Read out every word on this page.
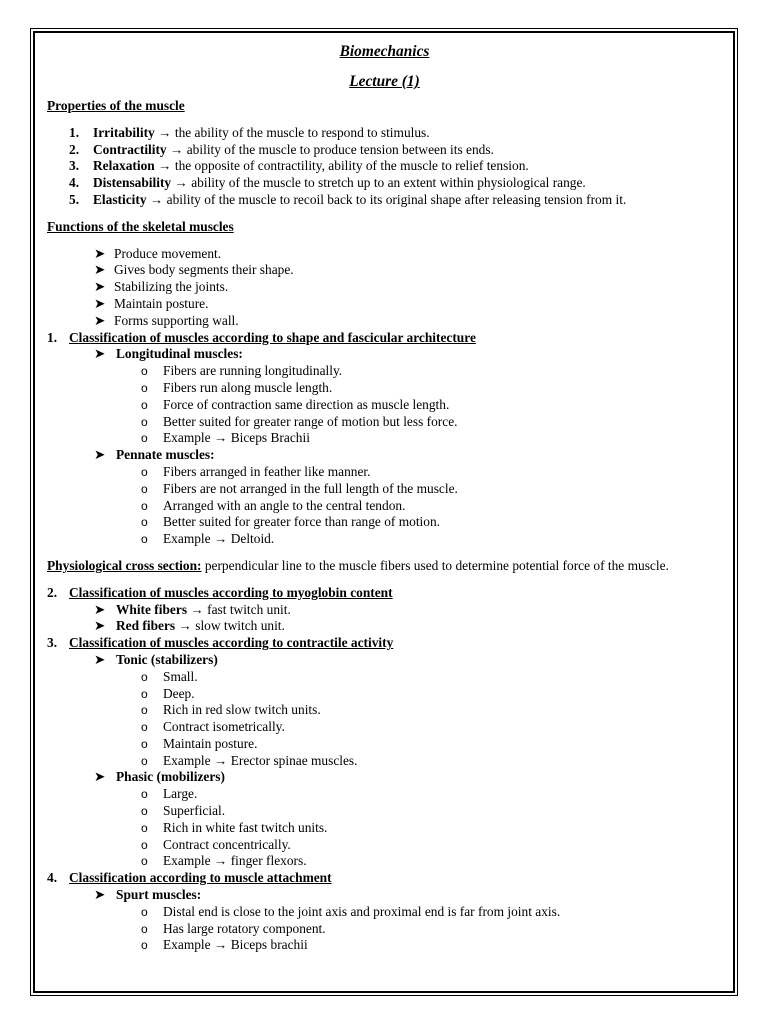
Biomechanics

Lecture (1)

Properties of the muscle
1.	Irritability → the ability of the muscle to respond to stimulus.
2.	Contractility → ability of the muscle to produce tension between its ends.
3.	Relaxation → the opposite of contractility, ability of the muscle to relief tension.
4.	Distensability → ability of the muscle to stretch up to an extent within physiological range.
5.	Elasticity → ability of the muscle to recoil back to its original shape after releasing tension from it.
Functions of the skeletal muscles
➤ Produce movement.
➤ Gives body segments their shape.
➤ Stabilizing the joints.
➤ Maintain posture.
➤ Forms supporting wall.
1. Classification of muscles according to shape and fascicular architecture
➤ Longitudinal muscles:
o	Fibers are running longitudinally.
o	Fibers run along muscle length.
o	Force of contraction same direction as muscle length.
o	Better suited for greater range of motion but less force.
o	Example → Biceps Brachii
➤ Pennate muscles:
o	Fibers arranged in feather like manner.
o	Fibers are not arranged in the full length of the muscle.
o	Arranged with an angle to the central tendon.
o	Better suited for greater force than range of motion.
o	Example → Deltoid.
Physiological cross section: perpendicular line to the muscle fibers used to determine potential force of the muscle.
2. Classification of muscles according to myoglobin content
➤ White fibers → fast twitch unit.
➤ Red fibers → slow twitch unit.
3. Classification of muscles according to contractile activity
➤ Tonic (stabilizers)
o	Small.
o	Deep.
o	Rich in red slow twitch units.
o	Contract isometrically.
o	Maintain posture.
o	Example → Erector spinae muscles.
➤ Phasic (mobilizers)
o	Large.
o	Superficial.
o	Rich in white fast twitch units.
o	Contract concentrically.
o	Example → finger flexors.
4. Classification according to muscle attachment
➤ Spurt muscles:
o	Distal end is close to the joint axis and proximal end is far from joint axis.
o	Has large rotatory component.
o	Example → Biceps brachii
